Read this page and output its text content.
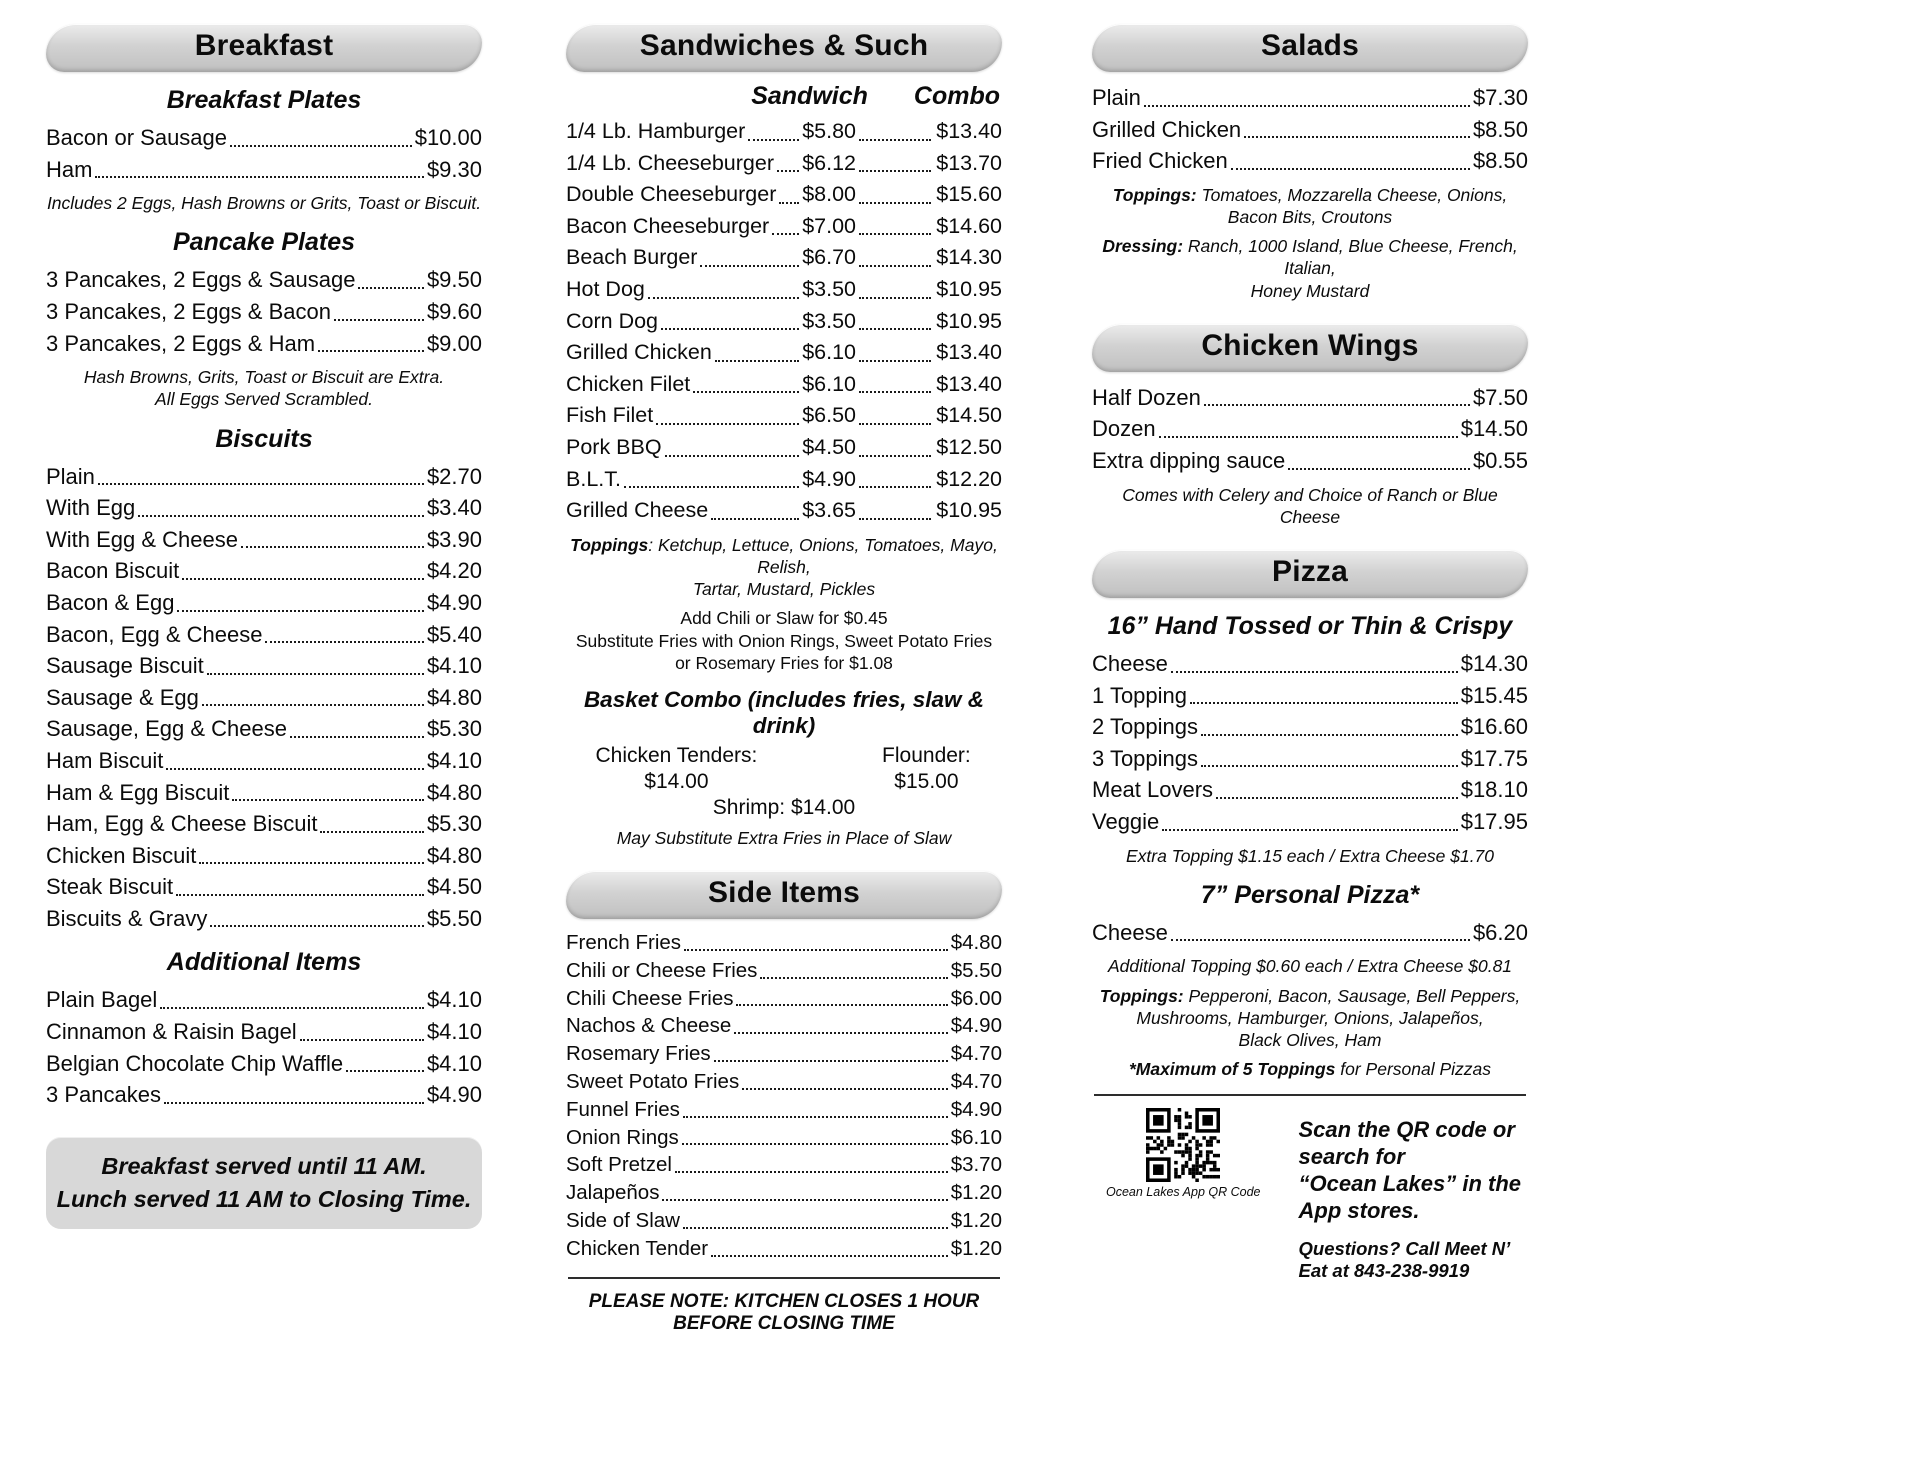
Breakfast
Breakfast Plates
Bacon or Sausage	$10.00
Ham	$9.30
Includes 2 Eggs, Hash Browns or Grits, Toast or Biscuit.
Pancake Plates
3 Pancakes, 2 Eggs & Sausage	$9.50
3 Pancakes, 2 Eggs & Bacon	$9.60
3 Pancakes, 2 Eggs & Ham	$9.00
Hash Browns, Grits, Toast or Biscuit are Extra.
All Eggs Served Scrambled.
Biscuits
Plain	$2.70
With Egg	$3.40
With Egg & Cheese	$3.90
Bacon Biscuit	$4.20
Bacon & Egg	$4.90
Bacon, Egg & Cheese	$5.40
Sausage Biscuit	$4.10
Sausage & Egg	$4.80
Sausage, Egg & Cheese	$5.30
Ham Biscuit	$4.10
Ham & Egg Biscuit	$4.80
Ham, Egg & Cheese Biscuit	$5.30
Chicken Biscuit	$4.80
Steak Biscuit	$4.50
Biscuits & Gravy	$5.50
Additional Items
Plain Bagel	$4.10
Cinnamon & Raisin Bagel	$4.10
Belgian Chocolate Chip Waffle	$4.10
3 Pancakes	$4.90
Breakfast served until 11 AM.
Lunch served 11 AM to Closing Time.
Sandwiches & Such
Sandwich Combo
1/4 Lb. Hamburger	$5.80	$13.40
1/4 Lb. Cheeseburger $6.12	$13.70
Double Cheeseburger $8.00	$15.60
Bacon Cheeseburger $7.00	$14.60
Beach Burger	$6.70	$14.30
Hot Dog	$3.50	$10.95
Corn Dog	$3.50	$10.95
Grilled Chicken	$6.10	$13.40
Chicken Filet	$6.10	$13.40
Fish Filet	$6.50	$14.50
Pork BBQ	$4.50	$12.50
B.L.T.	$4.90	$12.20
Grilled Cheese	$3.65	$10.95
Toppings: Ketchup, Lettuce, Onions, Tomatoes, Mayo, Relish,
Tartar, Mustard, Pickles
Add Chili or Slaw for $0.45
Substitute Fries with Onion Rings, Sweet Potato Fries
or Rosemary Fries for $1.08
Basket Combo (includes fries, slaw & drink)
Chicken Tenders: $14.00
Flounder: $15.00
Shrimp: $14.00
May Substitute Extra Fries in Place of Slaw
Side Items
French Fries	$4.80
Chili or Cheese Fries	$5.50
Chili Cheese Fries	$6.00
Nachos & Cheese	$4.90
Rosemary Fries	$4.70
Sweet Potato Fries	$4.70
Funnel Fries	$4.90
Onion Rings	$6.10
Soft Pretzel	$3.70
Jalapeños	$1.20
Side of Slaw	$1.20
Chicken Tender	$1.20
PLEASE NOTE: KITCHEN CLOSES 1 HOUR BEFORE CLOSING TIME
Salads
Plain	$7.30
Grilled Chicken	$8.50
Fried Chicken	$8.50
Toppings: Tomatoes, Mozzarella Cheese, Onions,
Bacon Bits, Croutons
Dressing: Ranch, 1000 Island, Blue Cheese, French, Italian,
Honey Mustard
Chicken Wings
Half Dozen	$7.50
Dozen	$14.50
Extra dipping sauce	$0.55
Comes with Celery and Choice of Ranch or Blue Cheese
Pizza
16” Hand Tossed or Thin & Crispy
Cheese	$14.30
1 Topping	$15.45
2 Toppings	$16.60
3 Toppings	$17.75
Meat Lovers	$18.10
Veggie	$17.95
Extra Topping $1.15 each / Extra Cheese $1.70
7” Personal Pizza*
Cheese	$6.20
Additional Topping $0.60 each / Extra Cheese $0.81
Toppings: Pepperoni, Bacon, Sausage, Bell Peppers,
Mushrooms, Hamburger, Onions, Jalapeños,
Black Olives, Ham
*Maximum of 5 Toppings for Personal Pizzas
Ocean Lakes App QR Code
Scan the QR code or search for
“Ocean Lakes” in the App stores.
Questions? Call Meet N’ Eat at 843-238-9919
